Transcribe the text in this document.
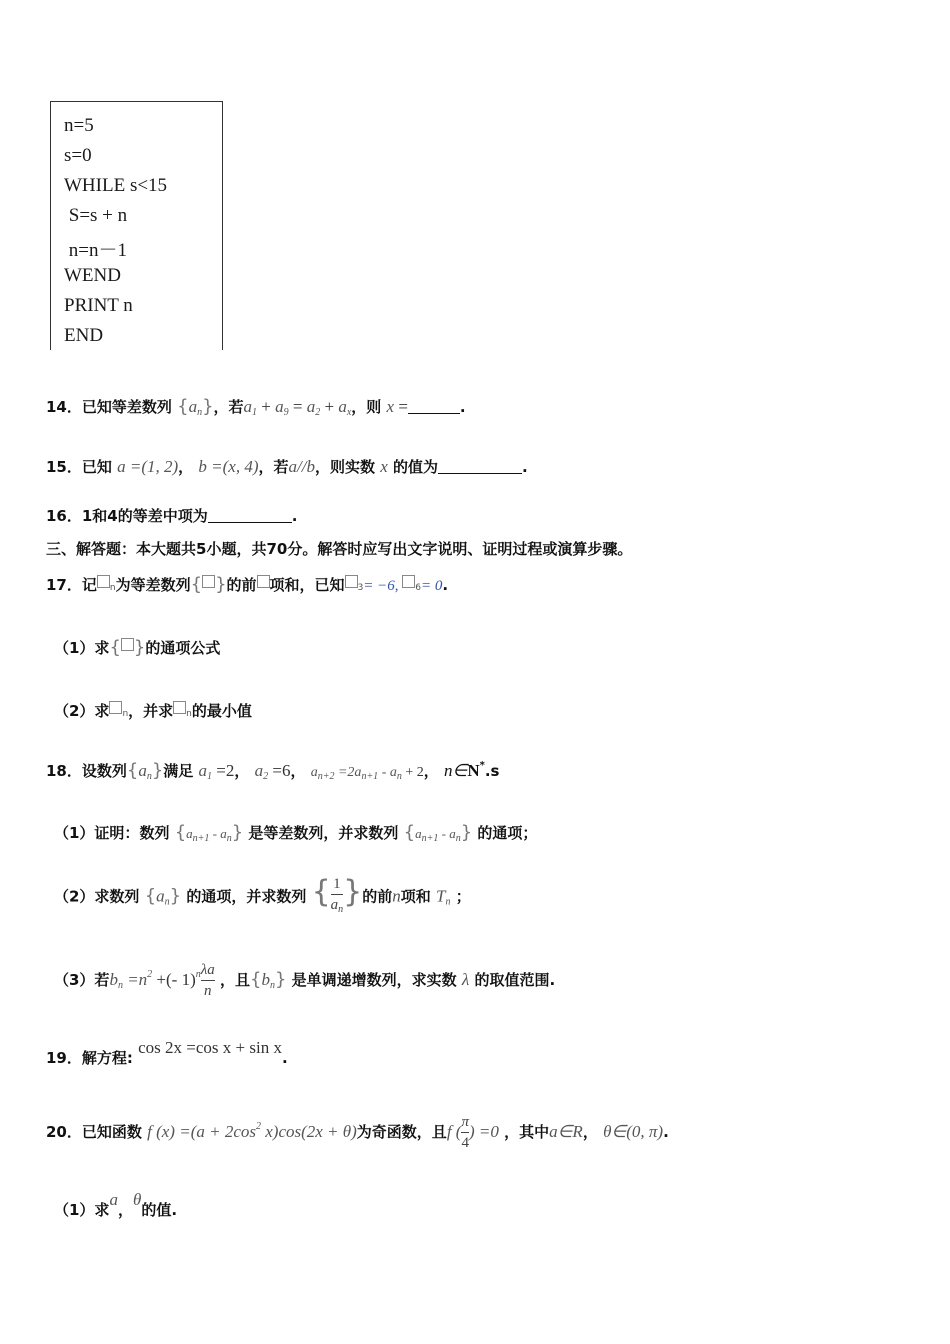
n=5
s=0
WHILE s<15
S=s + n
n=n－1
WEND
PRINT n
END
14．已知等差数列 $\{a_n\}$，若$a_1 + a_9 = a_2 + a_x$，则 x =	.
15．已知 a =(1, 2)， b =(x, 4)，若a//b，则实数 x 的值为	.
16．1和4的等差中项为	.
三、解答题：本大题共5小题，共70分。解答时应写出文字说明、证明过程或演算步骤。
17．记 n为等差数列{ }的前 项和，已知 3= −6, 6= 0.
（1）求{ }的通项公式
（2）求 n，并求 n的最小值
18．设数列$\{a_n\}$满足 $a_1 =2$， $a_2 =6$， $a_{n+2} =2a_{n+1} - a_n + 2$， n∈N*.s
（1）证明：数列 $\{a_{n+1} - a_n\}$ 是等差数列，并求数列 $\{a_{n+1} - a_n\}$ 的通项；
（2）求数列 $\{a_n\}$ 的通项，并求数列 { $\frac{1}{a_n}$ }的前n项和 $T_n$ ；
（3）若$b_n =n^2$ +(- $1)^n \frac{\lambda a}{n}$ ，且$\{b_n\}$ 是单调递增数列，求实数 λ 的取值范围.
19．解方程: cos 2x =cos x + sin x.
20．已知函数 f $(x) =(a + 2\cos^2$ x)cos(2x + θ)为奇函数，且f ( $\frac{\pi}{4}$ ) =0 ，其中a∈R， θ∈(0, π).
（1）求a，θ的值.
